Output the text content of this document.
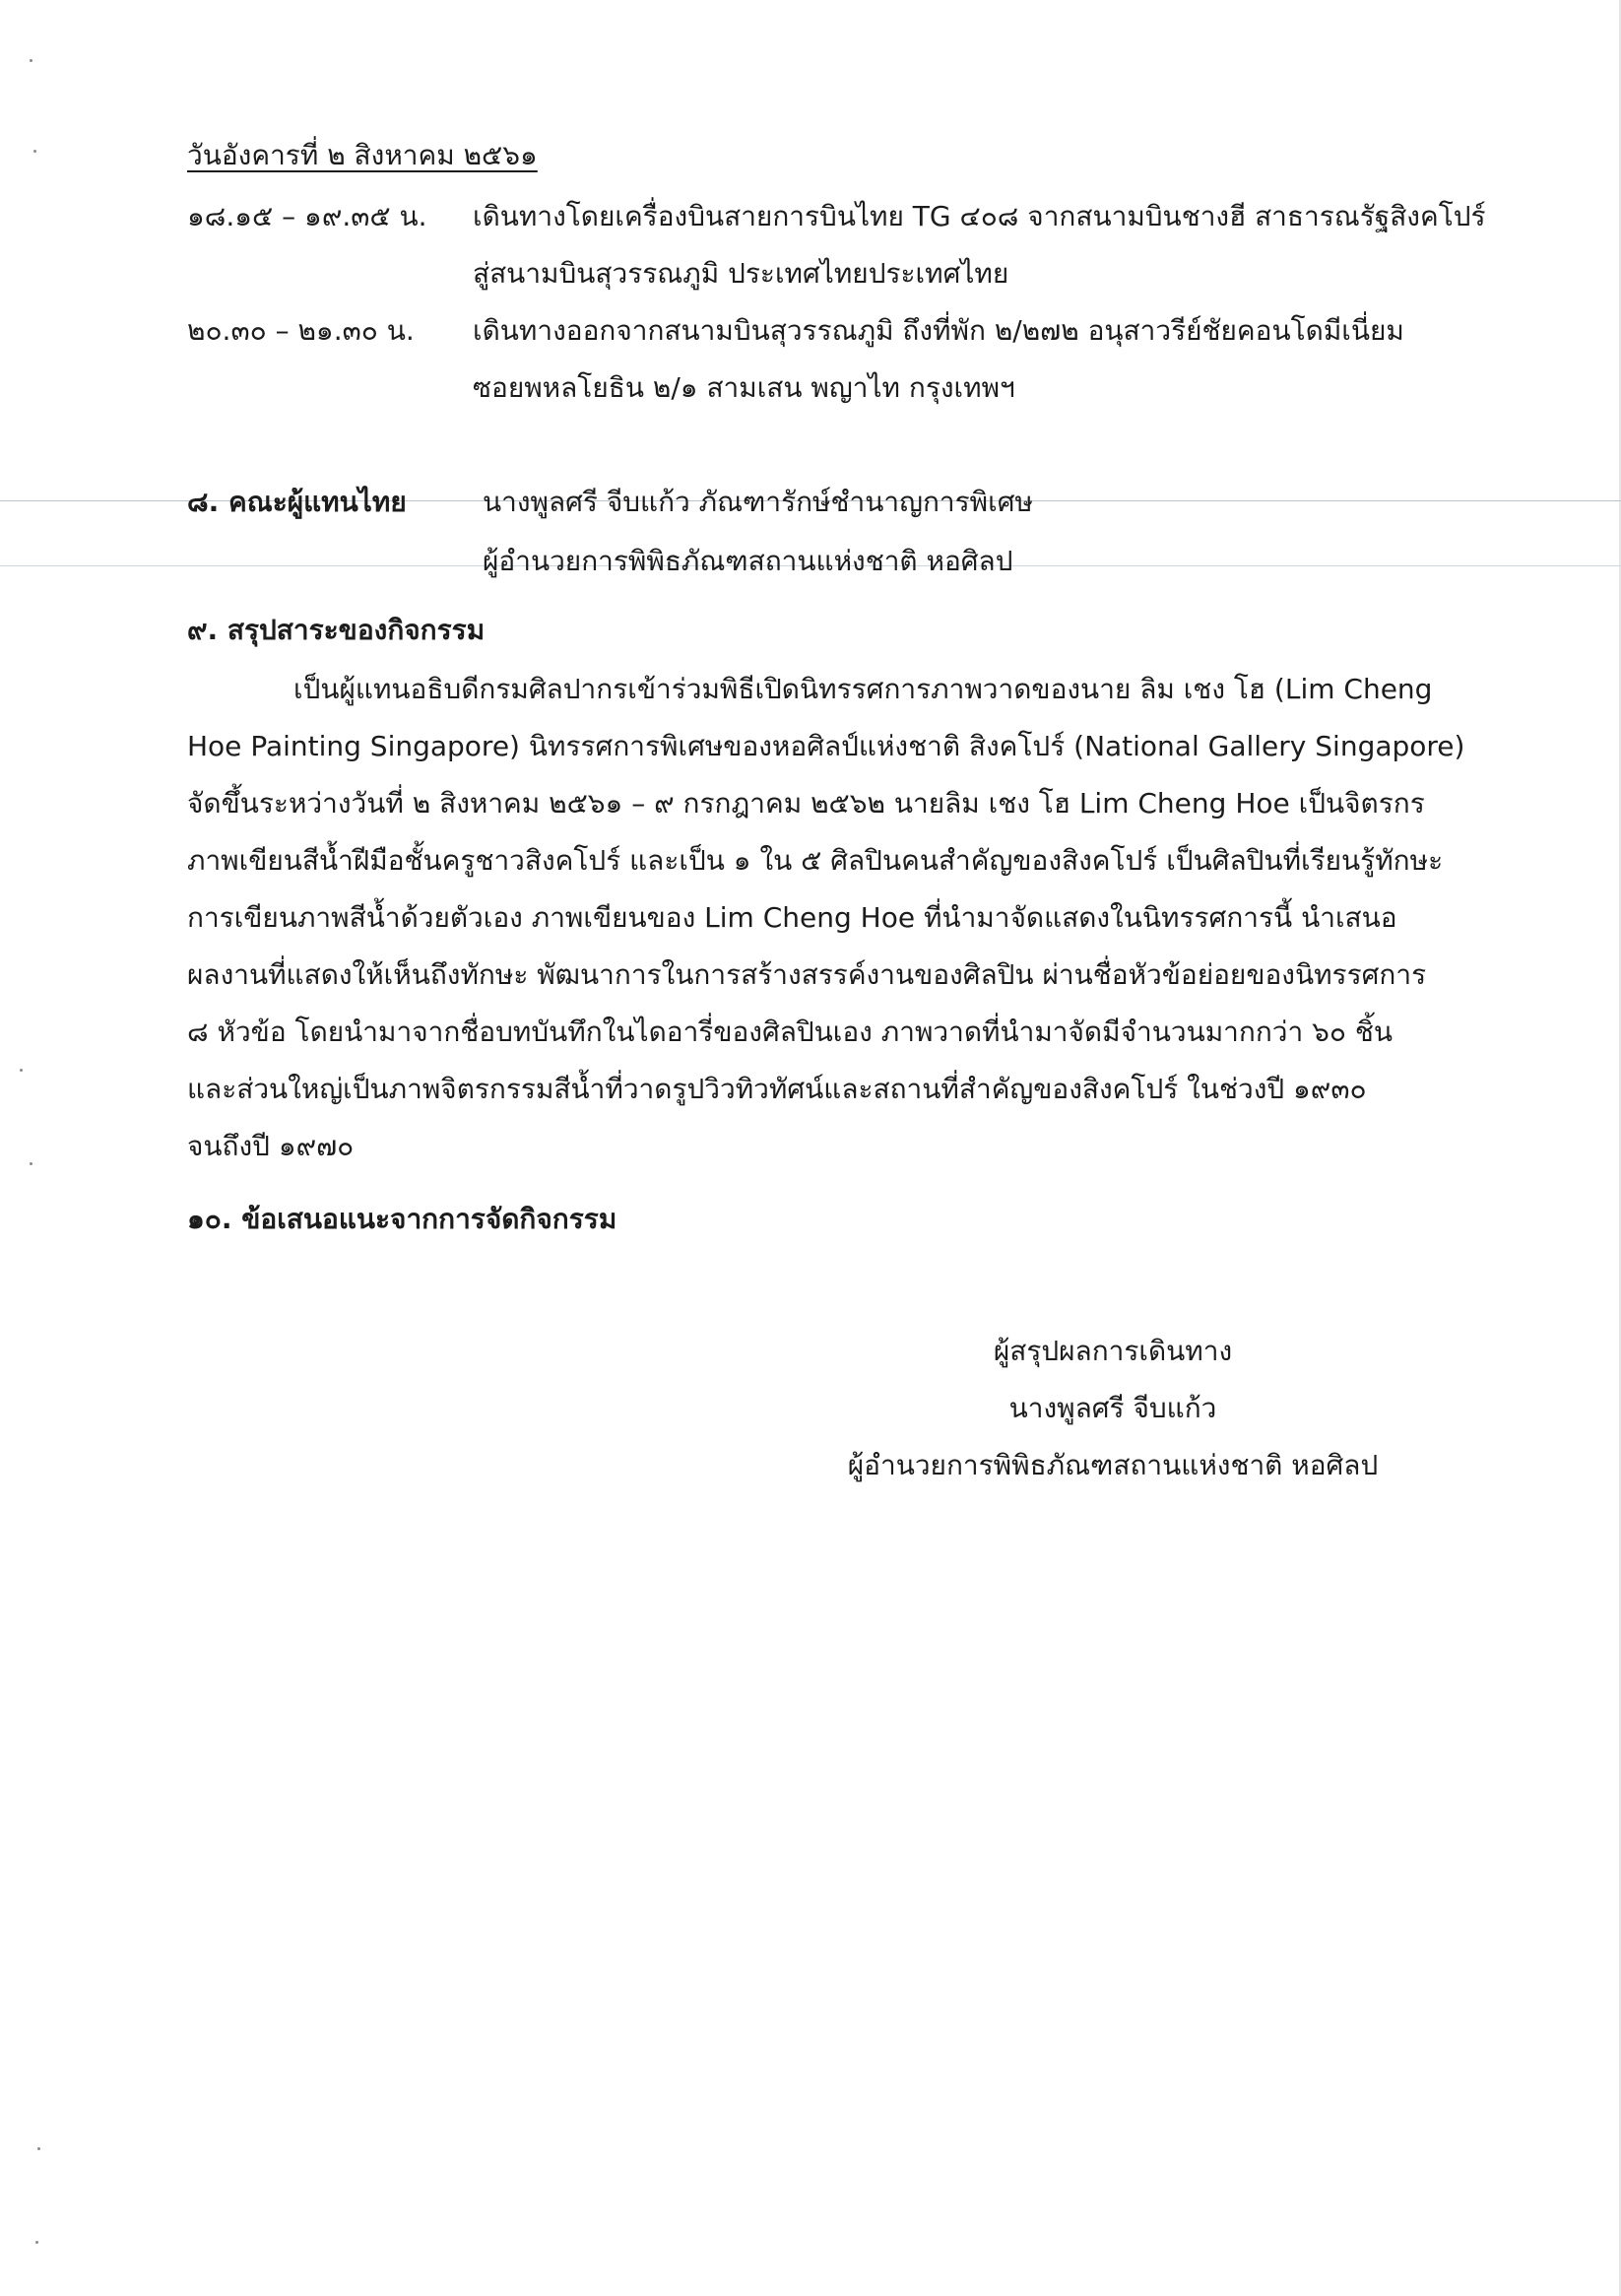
วันอังคารที่ ๒ สิงหาคม ๒๕๖๑
๑๘.๑๕ – ๑๙.๓๕ น. เดินทางโดยเครื่องบินสายการบินไทย TG ๔๐๘ จากสนามบินชางฮี สาธารณรัฐสิงคโปร์
สู่สนามบินสุวรรณภูมิ ประเทศไทยประเทศไทย
๒๐.๓๐ – ๒๑.๓๐ น. เดินทางออกจากสนามบินสุวรรณภูมิ ถึงที่พัก ๒/๒๗๒ อนุสาวรีย์ชัยคอนโดมีเนี่ยม
ซอยพหลโยธิน ๒/๑ สามเสน พญาไท กรุงเทพฯ
๘. คณะผู้แทนไทย	นางพูลศรี จีบแก้ว ภัณฑารักษ์ชำนาญการพิเศษ
ผู้อำนวยการพิพิธภัณฑสถานแห่งชาติ หอศิลป
๙. สรุปสาระของกิจกรรม
เป็นผู้แทนอธิบดีกรมศิลปากรเข้าร่วมพิธีเปิดนิทรรศการภาพวาดของนาย ลิม เชง โฮ (Lim Cheng
Hoe Painting Singapore) นิทรรศการพิเศษของหอศิลป์แห่งชาติ สิงคโปร์ (National Gallery Singapore)
จัดขึ้นระหว่างวันที่ ๒ สิงหาคม ๒๕๖๑ – ๙ กรกฎาคม ๒๕๖๒ นายลิม เชง โฮ Lim Cheng Hoe เป็นจิตรกร
ภาพเขียนสีน้ำฝีมือชั้นครูชาวสิงคโปร์ และเป็น ๑ ใน ๕ ศิลปินคนสำคัญของสิงคโปร์ เป็นศิลปินที่เรียนรู้ทักษะ
การเขียนภาพสีน้ำด้วยตัวเอง ภาพเขียนของ Lim Cheng Hoe ที่นำมาจัดแสดงในนิทรรศการนี้ นำเสนอ
ผลงานที่แสดงให้เห็นถึงทักษะ พัฒนาการในการสร้างสรรค์งานของศิลปิน ผ่านชื่อหัวข้อย่อยของนิทรรศการ
๘ หัวข้อ โดยนำมาจากชื่อบทบันทึกในไดอารี่ของศิลปินเอง ภาพวาดที่นำมาจัดมีจำนวนมากกว่า ๖๐ ชิ้น
และส่วนใหญ่เป็นภาพจิตรกรรมสีน้ำที่วาดรูปวิวทิวทัศน์และสถานที่สำคัญของสิงคโปร์ ในช่วงปี ๑๙๓๐
จนถึงปี ๑๙๗๐
๑๐. ข้อเสนอแนะจากการจัดกิจกรรม
ผู้สรุปผลการเดินทาง
นางพูลศรี จีบแก้ว
ผู้อำนวยการพิพิธภัณฑสถานแห่งชาติ หอศิลป
